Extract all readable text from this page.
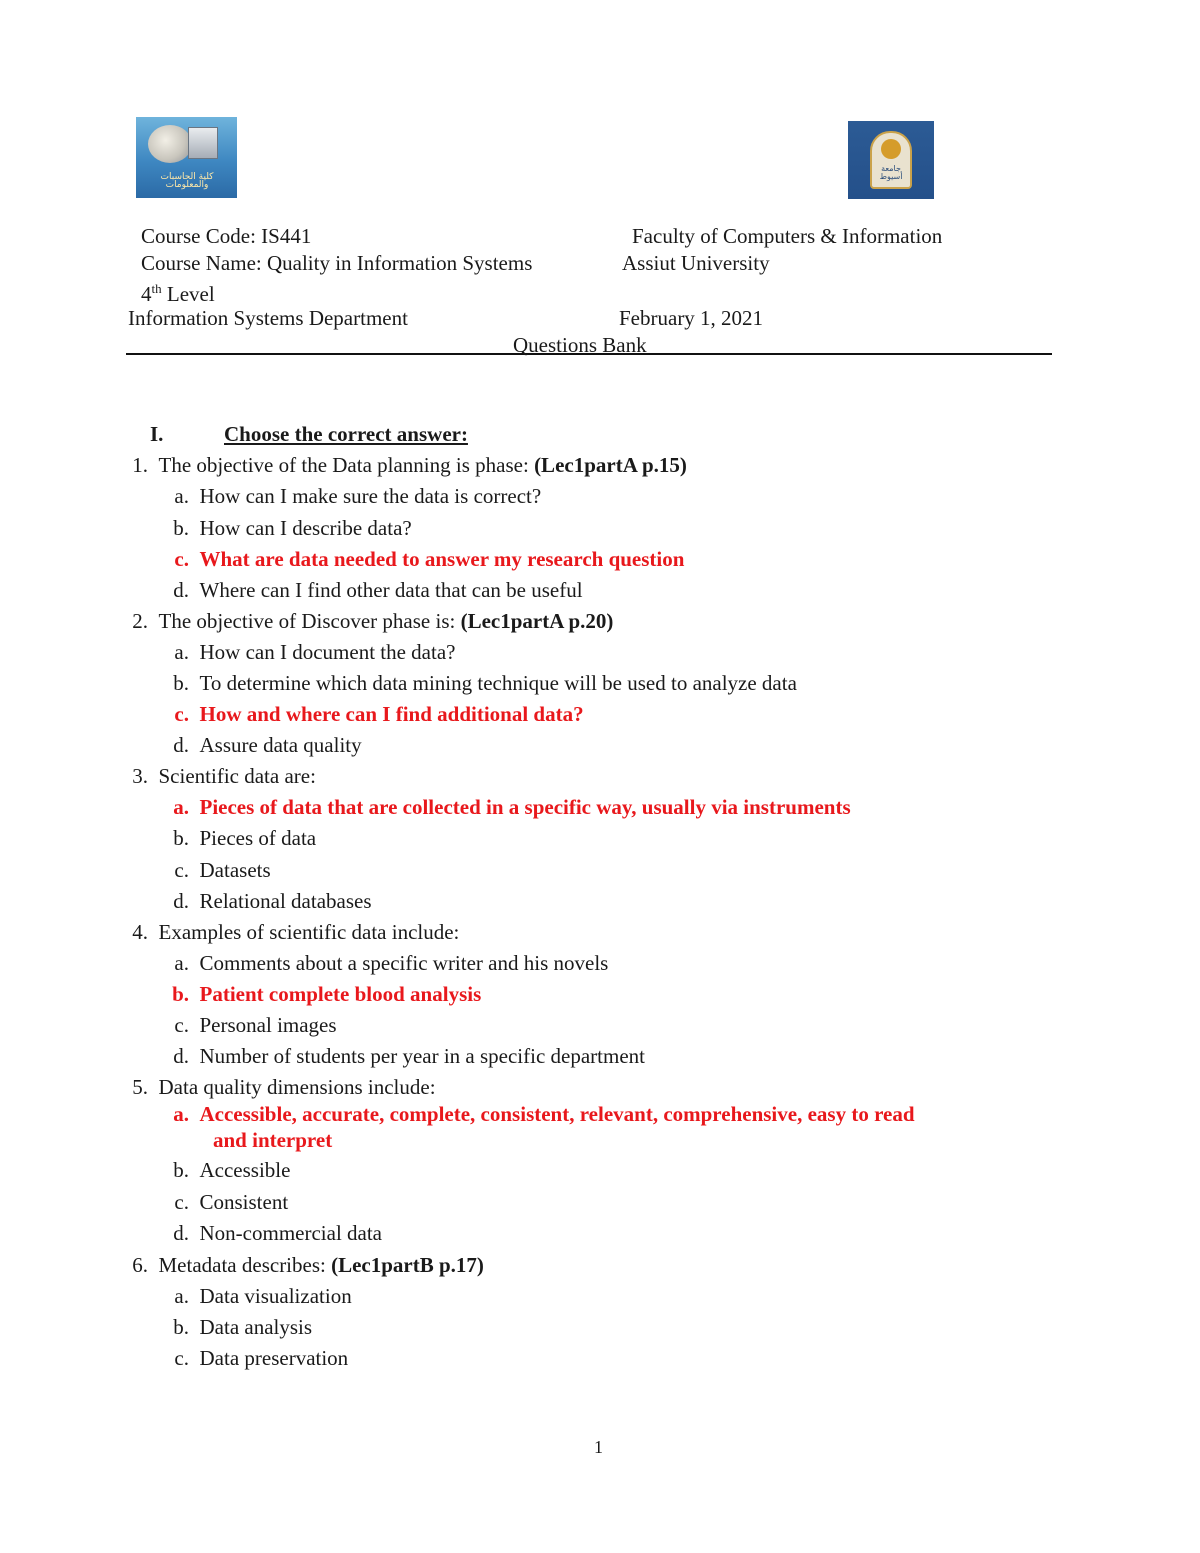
كلية الحاسبات والمعلومات
جامعة أسيوط
Course Code: IS441
Course Name: Quality in Information Systems
4th Level
Information Systems Department
Faculty of Computers & Information
Assiut University
February 1, 2021
Questions Bank
I.	Choose the correct answer:
1. The objective of the Data planning is phase: (Lec1partA p.15)
a. How can I make sure the data is correct?
b. How can I describe data?
c. What are data needed to answer my research question
d. Where can I find other data that can be useful
2. The objective of Discover phase is: (Lec1partA p.20)
a. How can I document the data?
b. To determine which data mining technique will be used to analyze data
c. How and where can I find additional data?
d. Assure data quality
3. Scientific data are:
a. Pieces of data that are collected in a specific way, usually via instruments
b. Pieces of data
c. Datasets
d. Relational databases
4. Examples of scientific data include:
a. Comments about a specific writer and his novels
b. Patient complete blood analysis
c. Personal images
d. Number of students per year in a specific department
5. Data quality dimensions include:
a. Accessible, accurate, complete, consistent, relevant, comprehensive, easy to read
and interpret
b. Accessible
c. Consistent
d. Non-commercial data
6. Metadata describes: (Lec1partB p.17)
a. Data visualization
b. Data analysis
c. Data preservation
1
